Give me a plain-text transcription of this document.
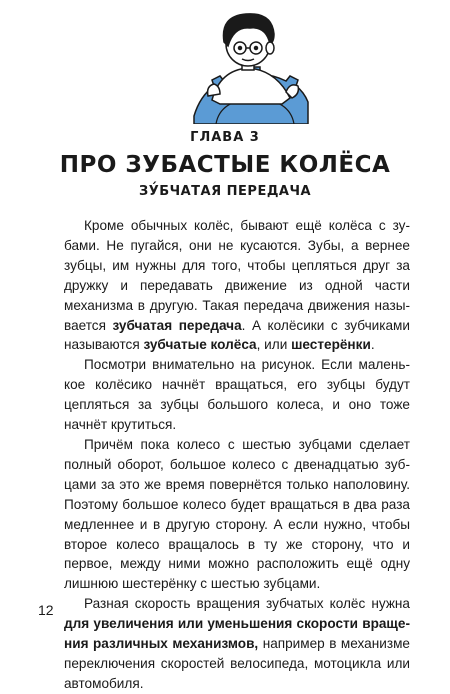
ГЛАВА 3
ПРО ЗУБАСТЫЕ КОЛЁСА
ЗУ́БЧАТАЯ ПЕРЕДАЧА

Кроме обычных колёс, бывают ещё колёса с зубами. Не пугайся, они не кусаются. Зубы, а вернее зубцы, им нужны для того, чтобы цепляться друг за дружку и передавать движение из одной части механизма в другую. Такая передача движения называется зубчатая передача. А колёсики с зубчиками называются зубчатые колёса, или шестерёнки.

Посмотри внимательно на рисунок. Если маленькое колёсико начнёт вращаться, его зубцы будут цепляться за зубцы большого колеса, и оно тоже начнёт крутиться.

Причём пока колесо с шестью зубцами сделает полный оборот, большое колесо с двенадцатью зубцами за это же время повернётся только наполовину. Поэтому большое колесо будет вращаться в два раза медленнее и в другую сторону. А если нужно, чтобы второе колесо вращалось в ту же сторону, что и первое, между ними можно расположить ещё одну лишнюю шестерёнку с шестью зубцами.

Разная скорость вращения зубчатых колёс нужна для увеличения или уменьшения скорости вращения различных механизмов, например в механизме переключения скоростей велосипеда, мотоцикла или автомобиля.

12
